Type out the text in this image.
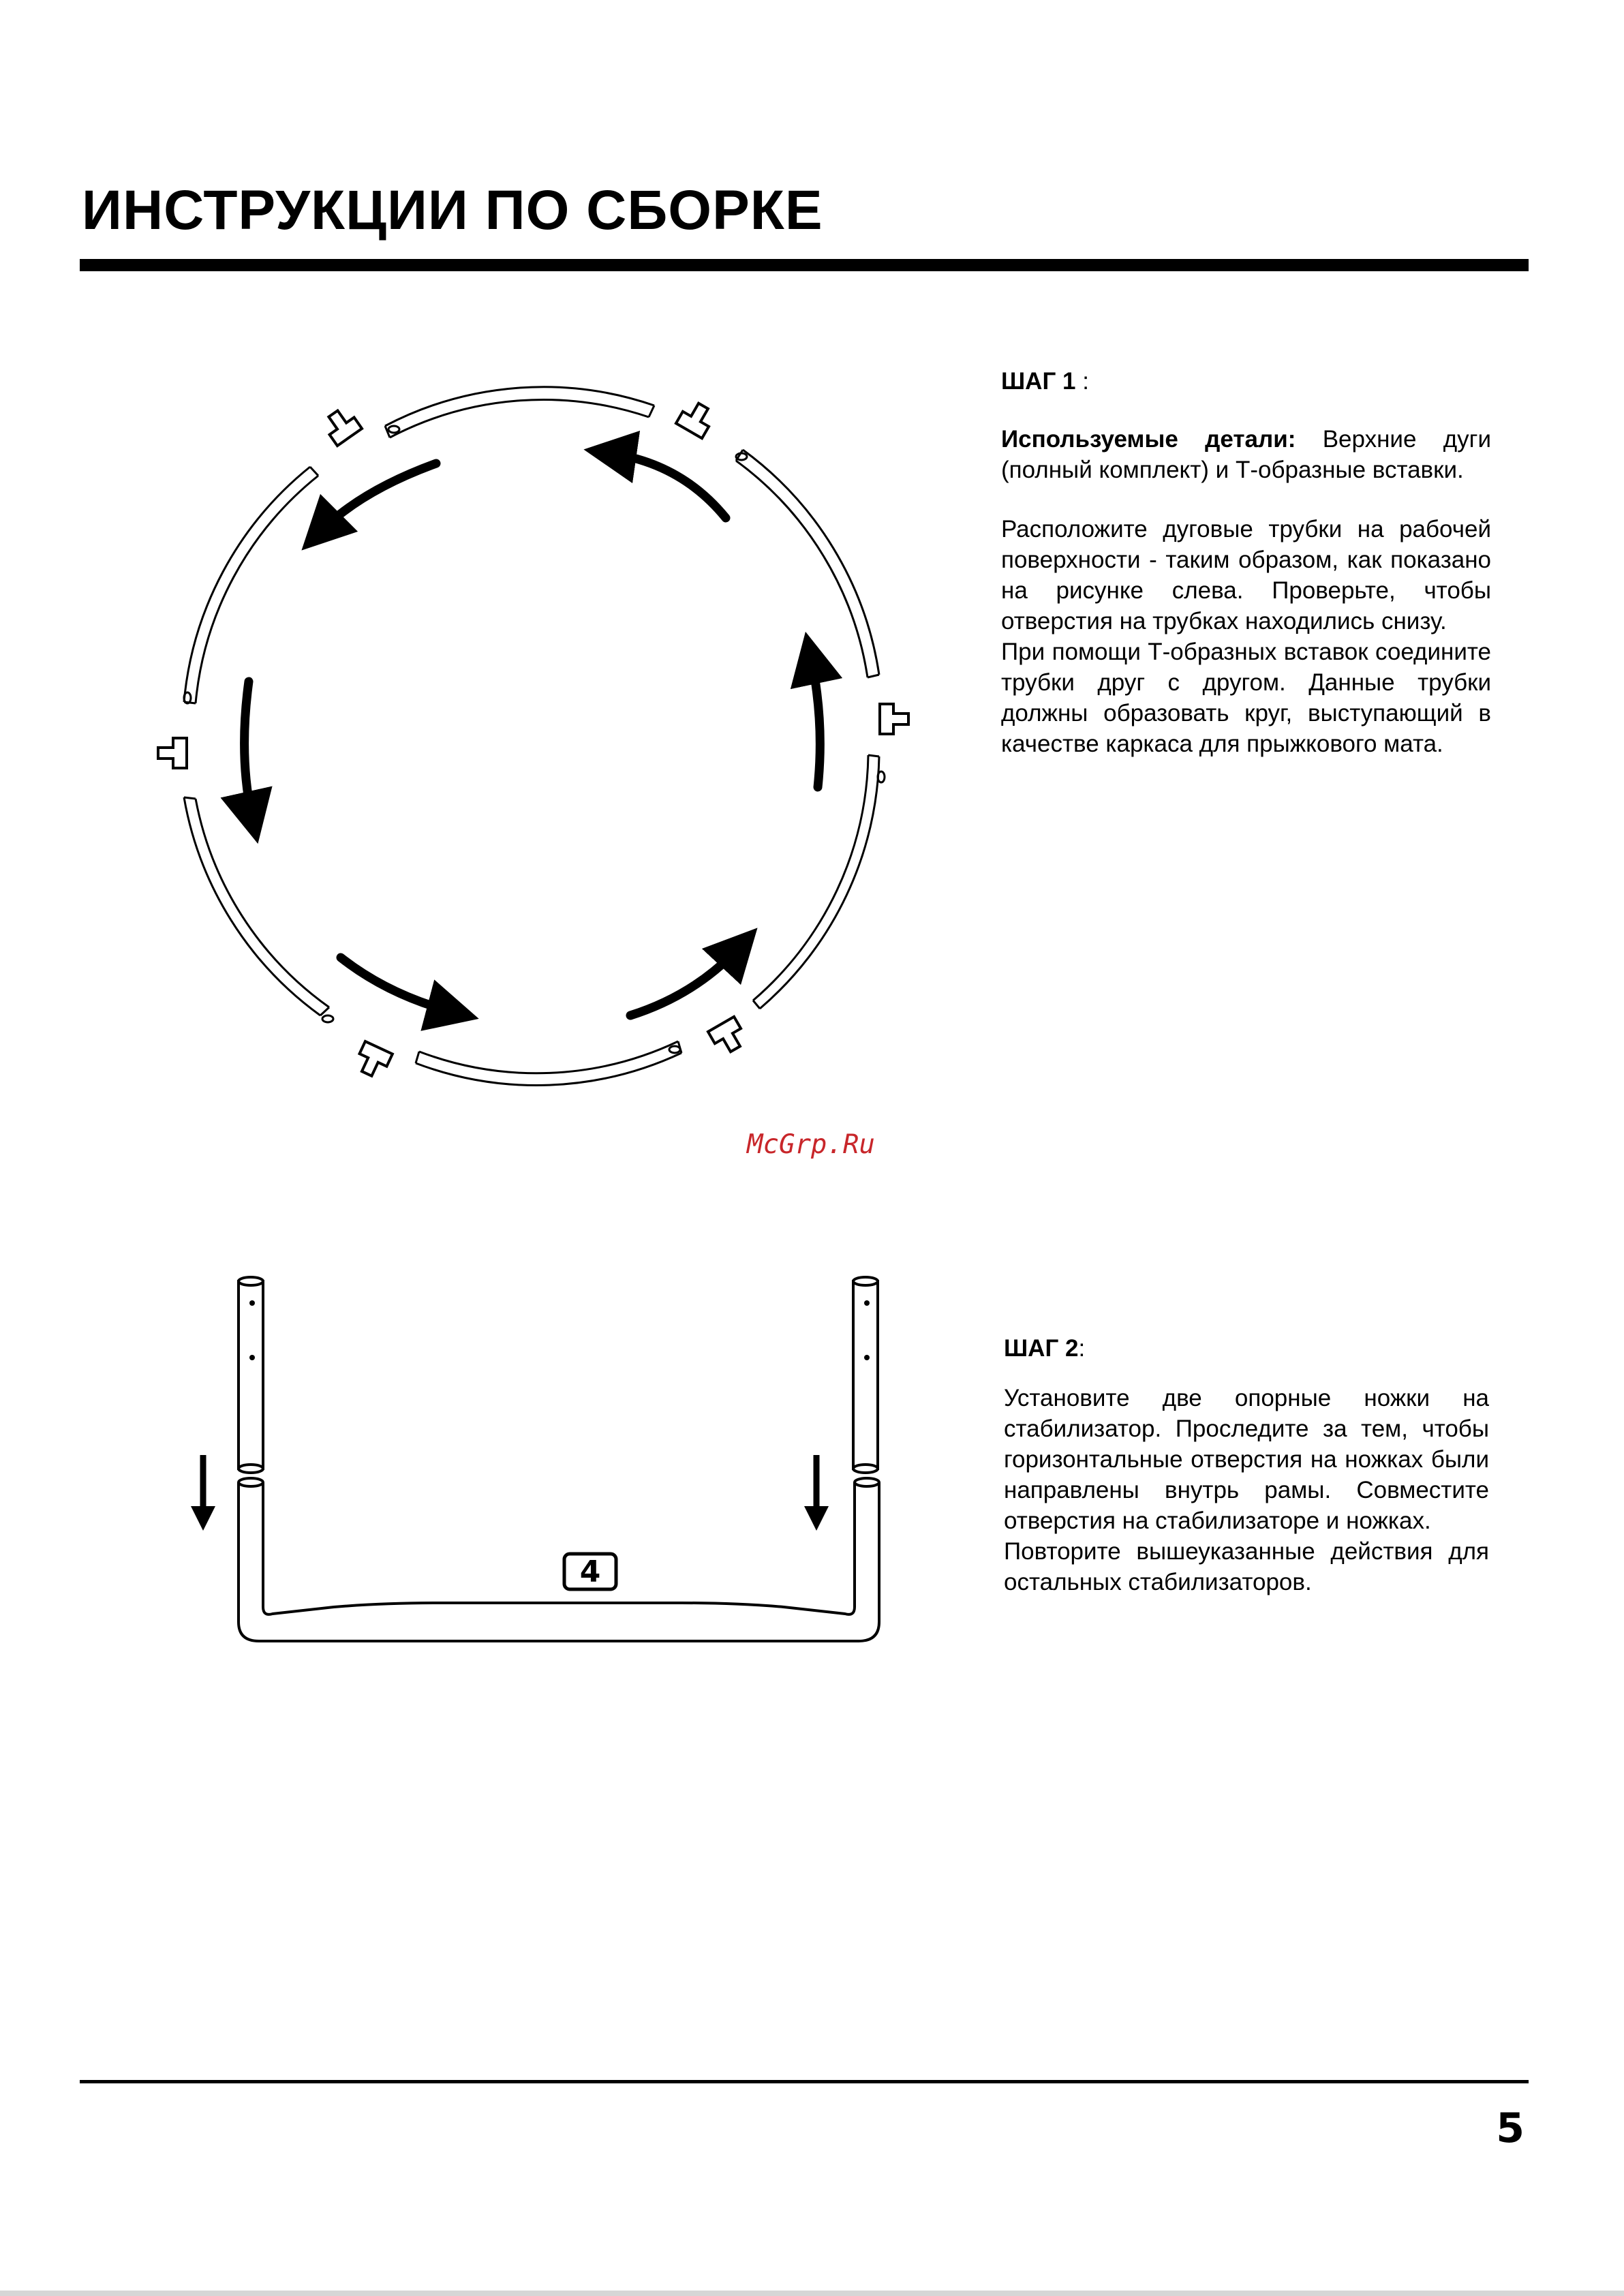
ИНСТРУКЦИИ ПО СБОРКЕ

ШАГ 1 :

Используемые детали: Верхние дуги (полный комплект) и Т-образные вставки.

Расположите дуговые трубки на рабочей поверхности - таким образом, как показано на рисунке слева. Проверьте, чтобы отверстия на трубках находились снизу.

При помощи Т-образных вставок соедините трубки друг с другом. Данные трубки должны образовать круг, выступающий в качестве каркаса для прыжкового мата.

McGrp.Ru
4

ШАГ 2:

Установите две опорные ножки на стабилизатор. Проследите за тем, чтобы горизонтальные отверстия на ножках были направлены внутрь рамы. Совместите отверстия на стабилизаторе и ножках.

Повторите вышеуказанные действия для остальных стабилизаторов.

5
